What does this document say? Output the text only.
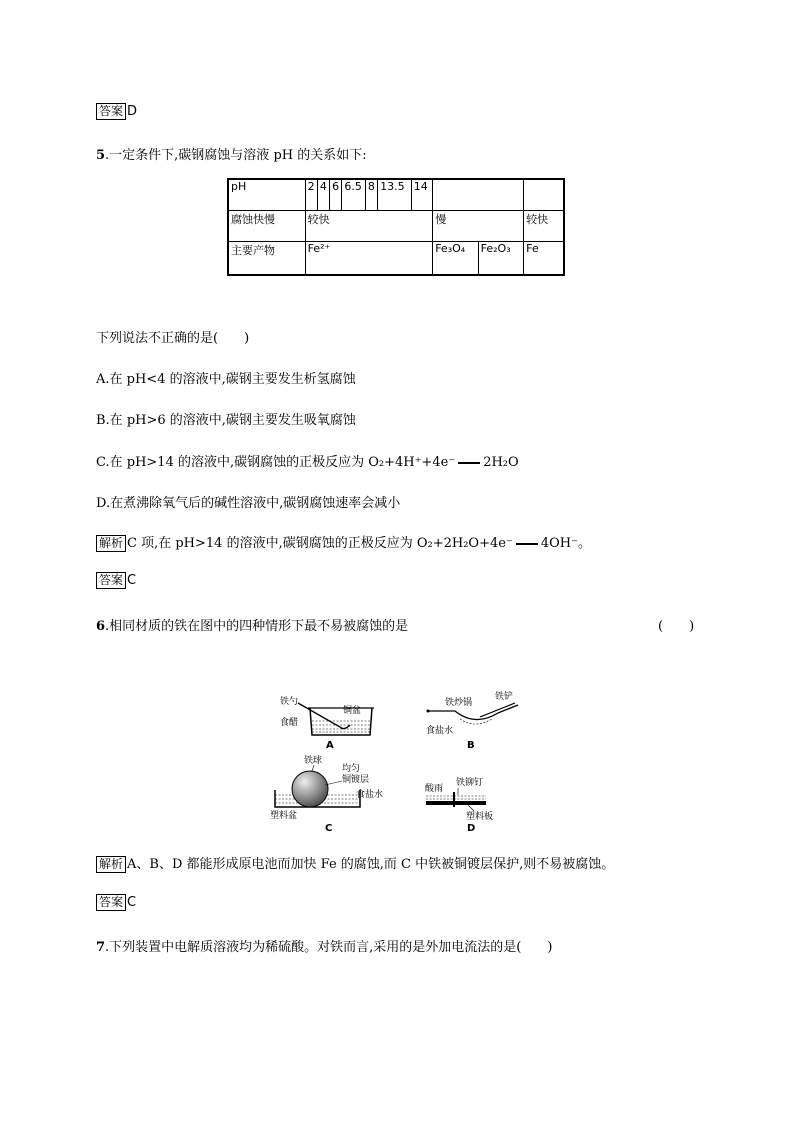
答案 D
5.一定条件下,碳钢腐蚀与溶液 pH 的关系如下:
pH	2	4	6	6.5	8	13.5	14		
腐蚀快慢	较快							慢	较快
主要产物	Fe²⁺							Fe₃O₄ Fe₂O₃	Fe
下列说法不正确的是(　　)
A.在 pH<4 的溶液中,碳钢主要发生析氢腐蚀
B.在 pH>6 的溶液中,碳钢主要发生吸氧腐蚀
C.在 pH>14 的溶液中,碳钢腐蚀的正极反应为 O₂+4H⁺+4e⁻ 2H₂O
D.在煮沸除氧气后的碱性溶液中,碳钢腐蚀速率会减小
解析 C 项,在 pH>14 的溶液中,碳钢腐蚀的正极反应为 O₂+2H₂O+4e⁻ 4OH⁻。
答案 C
6.相同材质的铁在图中的四种情形下最不易被腐蚀的是	(　　)
铁勺
铜盆
食醋
A
铁炒锅
铁铲
食盐水
B
铁球
均匀
铜镀层
食盐水
塑料盆
C
酸雨
铁铆钉
塑料板
D
解析 A、B、D 都能形成原电池而加快 Fe 的腐蚀,而 C 中铁被铜镀层保护,则不易被腐蚀。
答案 C
7.下列装置中电解质溶液均为稀硫酸。对铁而言,采用的是外加电流法的是(　　)
